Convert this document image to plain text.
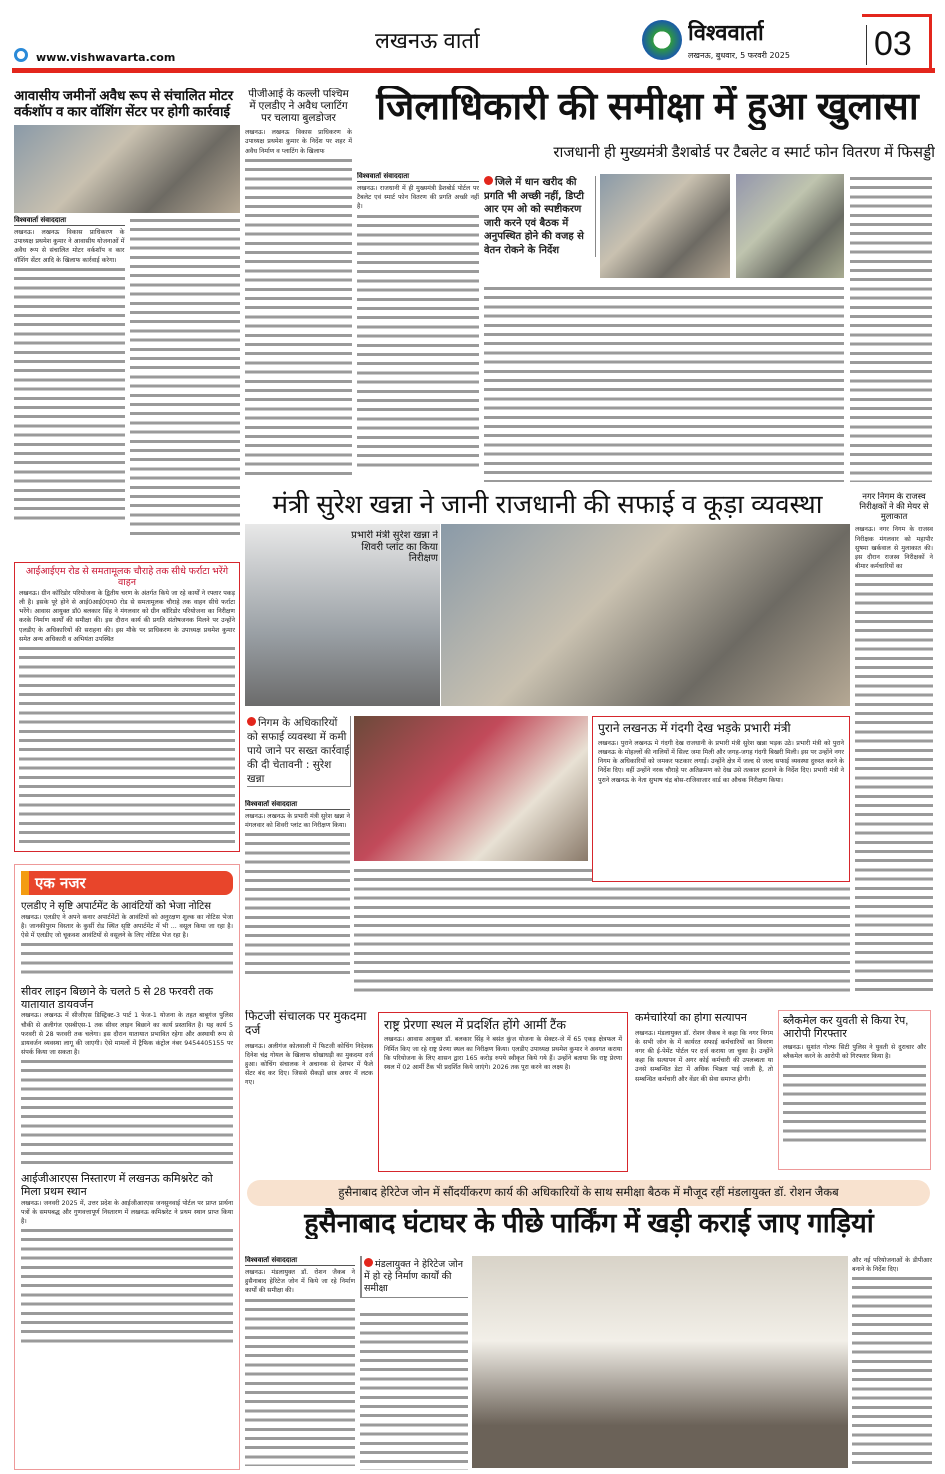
www.vishwavarta.com
लखनऊ वार्ता	विश्ववार्ता
लखनऊ, बुधवार, 5 फरवरी 2025 03
आवासीय जमीनों अवैध रूप से संचालित मोटर वर्कशॉप व कार वॉशिंग सेंटर पर होगी कार्रवाई
विश्ववार्ता संवाददाता
लखनऊ। लखनऊ विकास प्राधिकरण के उपाध्यक्ष प्रथमेश कुमार ने आवासीय योजनाओं में अवैध रूप से संचालित मोटर वर्कशॉप व कार वॉशिंग सेंटर आदि के खिलाफ कार्रवाई करेगा।
पीजीआई के कल्ली पश्चिम में एलडीए ने अवैध प्लाटिंग पर चलाया बुलडोजर
लखनऊ। लखनऊ विकास प्राधिकरण के उपाध्यक्ष प्रथमेश कुमार के निर्देश पर शहर में अवैध निर्माण व प्लाटिंग के खिलाफ
जिलाधिकारी की समीक्षा में हुआ खुलासा
राजधानी ही मुख्यमंत्री डैशबोर्ड पर टैबलेट व स्मार्ट फोन वितरण में फिसड्डी
विश्ववार्ता संवाददाता
लखनऊ। राजधानी में ही मुख्यमंत्री डैशबोर्ड पोर्टल पर टैबलेट एवं स्मार्ट फोन वितरण की प्रगति अच्छी नहीं है।
जिले में धान खरीद की प्रगति भी अच्छी नहीं, डिप्टी आर एम ओ को स्पष्टीकरण जारी करने एवं बैठक में अनुपस्थित होने की वजह से वेतन रोकने के निर्देश
मंत्री सुरेश खन्ना ने जानी राजधानी की सफाई व कूड़ा व्यवस्था
प्रभारी मंत्री सुरेश खन्ना ने शिवरी प्लांट का किया निरीक्षण
नगर निगम के राजस्व निरीक्षकों ने की मेयर से मुलाकात
लखनऊ। नगर निगम के राजस्व निरीक्षक मंगलवार को महापौर सुषमा खर्कवाल से मुलाकात की। इस दौरान राजस्व निरीक्षकों ने बीमार कर्मचारियों का
आईआईएम रोड से समतामूलक चौराहे तक सीधे फर्राटा भरेंगे वाहन
लखनऊ। ग्रीन कॉरिडोर परियोजना के द्वितीय चरण के अंतर्गत किये जा रहे कार्यों ने रफ्तार पकड़ ली है। इसके पूरे होने से आई0आई0एम0 रोड से समतामूलक चौराहे तक वाहन सीधे फर्राटा भरेंगे। आवास आयुक्त डॉ0 बलकार सिंह ने मंगलवार को ग्रीन कॉरिडोर परियोजना का निरीक्षण करके निर्माण कार्यों की समीक्षा की। इस दौरान कार्य की प्रगति संतोषजनक मिलने पर उन्होंने एलडीए के अधिकारियों की सराहना की। इस मौके पर प्राधिकरण के उपाध्यक्ष प्रथमेश कुमार समेत अन्य अधिकारी व अभियंता उपस्थित
एक नजर
एलडीए ने सृष्टि अपार्टमेंट के आवंटियों को भेजा नोटिस
लखनऊ। एलडीए ने अपने कनार अपार्टमेंटों के आवंटियों को अनुरक्षण शुल्क का नोटिस भेजा है। जानकीपुरम विस्तार के कुर्सी रोड स्थित सृष्टि अपार्टमेंट में भी ... वसूल किया जा रहा है। ऐसे में एलडीए जो चूकवश आवंटियों से वसूलने के लिए नोटिस भेज रहा है।
सीवर लाइन बिछाने के चलते 5 से 28 फरवरी तक यातायात डायवर्जन
लखनऊ। लखनऊ में सीजीएस डिस्ट्रिक्ट-3 पार्ट 1 फेज-1 योजना के तहत बाबूगंज पुलिस चौकी से अलीगंज एसबीएस-1 तक सीवर लाइन बिछाने का कार्य प्रस्तावित है। यह कार्य 5 फरवरी से 28 फरवरी तक चलेगा। इस दौरान यातायात प्रभावित रहेगा और अस्थायी रूप से डायवर्जन व्यवस्था लागू की जाएगी। ऐसे मामलों में ट्रैफिक कंट्रोल नंबर 9454405155 पर संपर्क किया जा सकता है।
आईजीआरएस निस्तारण में लखनऊ कमिश्नरेट को मिला प्रथम स्थान
लखनऊ। जनवरी 2025 में, उत्तर प्रदेश के आईजीआरएस जनसुनवाई पोर्टल पर प्राप्त प्रार्थना पत्रों के समयबद्ध और गुणवत्तापूर्ण निस्तारण में लखनऊ कमिश्नरेट ने प्रथम स्थान प्राप्त किया है।
निगम के अधिकारियों को सफाई व्यवस्था में कमी पाये जाने पर सख्त कार्रवाई की दी चेतावनी : सुरेश खन्ना
विश्ववार्ता संवाददाता
लखनऊ। लखनऊ के प्रभारी मंत्री सुरेश खन्ना ने मंगलवार को शिवरी प्लांट का निरीक्षण किया।
पुराने लखनऊ में गंदगी देख भड़के प्रभारी मंत्री
लखनऊ। पुराने लखनऊ मे गंदगी देख राजधानी के प्रभारी मंत्री सुरेश खन्ना भड़क उठे। प्रभारी मंत्री को पुराने लखनऊ के मोहल्लों की नालियों में सिल्ट जमा मिली और जगह-जगह गंदगी बिखरी मिली। इस पर उन्होंने नगर निगम के अधिकारियों को जमकर फटकार लगाई। उन्होंने क्षेत्र में जल्द से जल्द सफाई व्यवस्था दुरुस्त करने के निर्देश दिए। वहीं उन्होंने नरक चौराहे पर अतिक्रमण को देख उसे तत्काल हटवाने के निर्देश दिए। प्रभारी मंत्री ने पुराने लखनऊ के नेता सुभाष चंद्र बोस-राजिवाजार वार्ड का औचक निरीक्षण किया।
फिटजी संचालक पर मुकदमा दर्ज
लखनऊ। अलीगंज कोतवाली में फिटजी कोचिंग निदेशक दिनेश चंद्र गोयल के खिलाफ धोखाधड़ी का मुकदमा दर्ज हुआ। कोचिंग संचालक ने अचानक से देशभर में फैले सेंटर बंद कर दिए। जिससे सैकड़ों छात्र अधर में लटक गए।
राष्ट्र प्रेरणा स्थल में प्रदर्शित होंगे आर्मी टैंक
लखनऊ। आवास आयुक्त डॉ. बलकार सिंह ने बसंत कुंज योजना के सेक्टर-जे में 65 एकड़ क्षेत्रफल में निर्मित किए जा रहे राष्ट्र प्रेरणा स्थल का निरीक्षण किया। एलडीए उपाध्यक्ष प्रथमेश कुमार ने अवगत कराया कि परियोजना के लिए शासन द्वारा 165 करोड़ रुपये स्वीकृत किये गये हैं। उन्होंने बताया कि राष्ट्र प्रेरणा स्थल में 02 आर्मी टैंक भी प्रदर्शित किये जाएंगे। 2026 तक पूरा करने का लक्ष्य है।
कर्मचारियों का होगा सत्यापन
लखनऊ। मंडलायुक्त डॉ. रोशन जैकब ने कहा कि नगर निगम के सभी जोन के में कार्यरत सफाई कर्मचारियों का विवरण नगर की ई-पेमेंट पोर्टल पर दर्ज कराया जा चुका है। उन्होंने कहा कि सत्यापन में अगर कोई कर्मचारी की उपलब्धता या उनसे सम्बन्धित डेटा में अधिक भिन्नता पाई जाती है, तो सम्बन्धित कर्मचारी और वेंडर की सेवा समाप्त होगी।
ब्लैकमेल कर युवती से किया रेप, आरोपी गिरफ्तार
लखनऊ। सुशांत गोल्फ सिटी पुलिस ने युवती से दुराचार और ब्लैकमेल करने के आरोपी को गिरफ्तार किया है।
हुसैनाबाद हेरिटेज जोन में सौंदर्यीकरण कार्य की अधिकारियों के साथ समीक्षा बैठक में मौजूद रहीं मंडलायुक्त डॉ. रोशन जैकब
हुसैनाबाद घंटाघर के पीछे पार्किंग में खड़ी कराई जाए गाड़ियां
विश्ववार्ता संवाददाता
लखनऊ। मंडलायुक्त डॉ. रोशन जैकब ने हुसैनाबाद हेरिटेज जोन में किये जा रहे निर्माण कार्यों की समीक्षा की।
मंडलायुक्त ने हेरिटेज जोन में हो रहे निर्माण कार्यों की समीक्षा
और नई परियोजनाओं के डीपीआर बनाने के निर्देश दिए।
